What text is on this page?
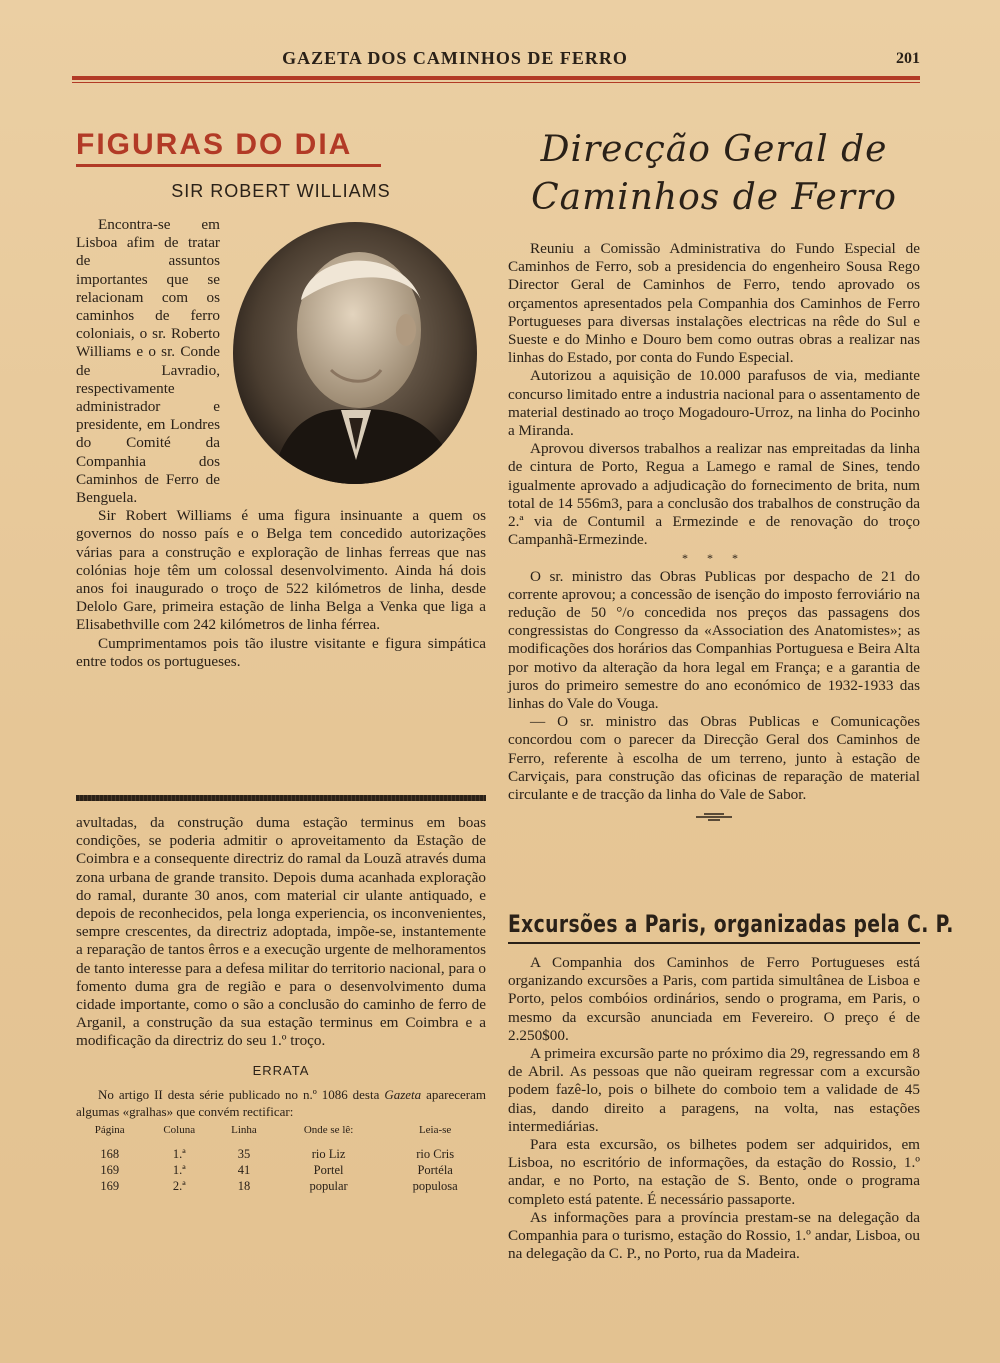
GAZETA DOS CAMINHOS DE FERRO	201
FIGURAS DO DIA
SIR ROBERT WILLIAMS

Encontra-se em Lisboa afim de tratar de assuntos importantes que se relacionam com os caminhos de ferro coloniais, o sr. Roberto Williams e o sr. Conde de Lavradio, respectivamente administrador e presidente, em Londres do Comité da Companhia dos Caminhos de Ferro de Benguela.

Sir Robert Williams é uma figura insinuante a quem os governos do nosso país e o Belga tem concedido autorizações várias para a construção e exploração de linhas ferreas que nas colónias hoje têm um colossal desenvolvimento. Ainda há dois anos foi inaugurado o troço de 522 kilómetros de linha, desde Delolo Gare, primeira estação de linha Belga a Venka que liga a Elisabethville com 242 kilómetros de linha férrea.

Cumprimentamos pois tão ilustre visitante e figura simpática entre todos os portugueses.

avultadas, da construção duma estação terminus em boas condições, se poderia admitir o aproveitamento da Estação de Coimbra e a consequente directriz do ramal da Louzã através duma zona urbana de grande transito. Depois duma acanhada exploração do ramal, durante 30 anos, com material cir ulante antiquado, e depois de reconhecidos, pela longa experiencia, os inconvenientes, sempre crescentes, da directriz adoptada, impõe-se, instantemente a reparação de tantos êrros e a execução urgente de melhoramentos de tanto interesse para a defesa militar do territorio nacional, para o fomento duma gra de região e para o desenvolvimento duma cidade importante, como o são a conclusão do caminho de ferro de Arganil, a construção da sua estação terminus em Coimbra e a modificação da directriz do seu 1.º troço.

ERRATA

No artigo II desta série publicado no n.º 1086 desta Gazeta apareceram algumas «gralhas» que convém rectificar:

Página	Coluna	Linha	Onde se lê:	Leia-se
168	1.ª	35	rio Liz	rio Cris
169	1.ª	41	Portel	Portéla
169	2.ª	18	popular	populosa
Direcção Geral de
Caminhos de Ferro

Reuniu a Comissão Administrativa do Fundo Especial de Caminhos de Ferro, sob a presidencia do engenheiro Sousa Rego Director Geral de Caminhos de Ferro, tendo aprovado os orçamentos apresentados pela Companhia dos Caminhos de Ferro Portugueses para diversas instalações electricas na rêde do Sul e Sueste e do Minho e Douro bem como outras obras a realizar nas linhas do Estado, por conta do Fundo Especial.

Autorizou a aquisição de 10.000 parafusos de via, mediante concurso limitado entre a industria nacional para o assentamento de material destinado ao troço Mogadouro-Urroz, na linha do Pocinho a Miranda.

Aprovou diversos trabalhos a realizar nas empreitadas da linha de cintura de Porto, Regua a Lamego e ramal de Sines, tendo igualmente aprovado a adjudicação do fornecimento de brita, num total de 14 556m3, para a conclusão dos trabalhos de construção da 2.ª via de Contumil a Ermezinde e de renovação do troço Campanhã-Ermezinde.

* * *

O sr. ministro das Obras Publicas por despacho de 21 do corrente aprovou; a concessão de isenção do imposto ferroviário na redução de 50 °/o concedida nos preços das passagens dos congressistas do Congresso da «Association des Anatomistes»; as modificações dos horários das Companhias Portuguesa e Beira Alta por motivo da alteração da hora legal em França; e a garantia de juros do primeiro semestre do ano económico de 1932-1933 das linhas do Vale do Vouga.

— O sr. ministro das Obras Publicas e Comunicações concordou com o parecer da Direcção Geral dos Caminhos de Ferro, referente à escolha de um terreno, junto à estação de Carviçais, para construção das oficinas de reparação de material circulante e de tracção da linha do Vale de Sabor.

Excursões a Paris, organizadas pela C. P.

A Companhia dos Caminhos de Ferro Portugueses está organizando excursões a Paris, com partida simultânea de Lisboa e Porto, pelos combóios ordinários, sendo o programa, em Paris, o mesmo da excursão anunciada em Fevereiro. O preço é de 2.250$00.

A primeira excursão parte no próximo dia 29, regressando em 8 de Abril. As pessoas que não queiram regressar com a excursão podem fazê-lo, pois o bilhete do comboio tem a validade de 45 dias, dando direito a paragens, na volta, nas estações intermediárias.

Para esta excursão, os bilhetes podem ser adquiridos, em Lisboa, no escritório de informações, da estação do Rossio, 1.º andar, e no Porto, na estação de S. Bento, onde o programa completo está patente. É necessário passaporte.

As informações para a província prestam-se na delegação da Companhia para o turismo, estação do Rossio, 1.º andar, Lisboa, ou na delegação da C. P., no Porto, rua da Madeira.
